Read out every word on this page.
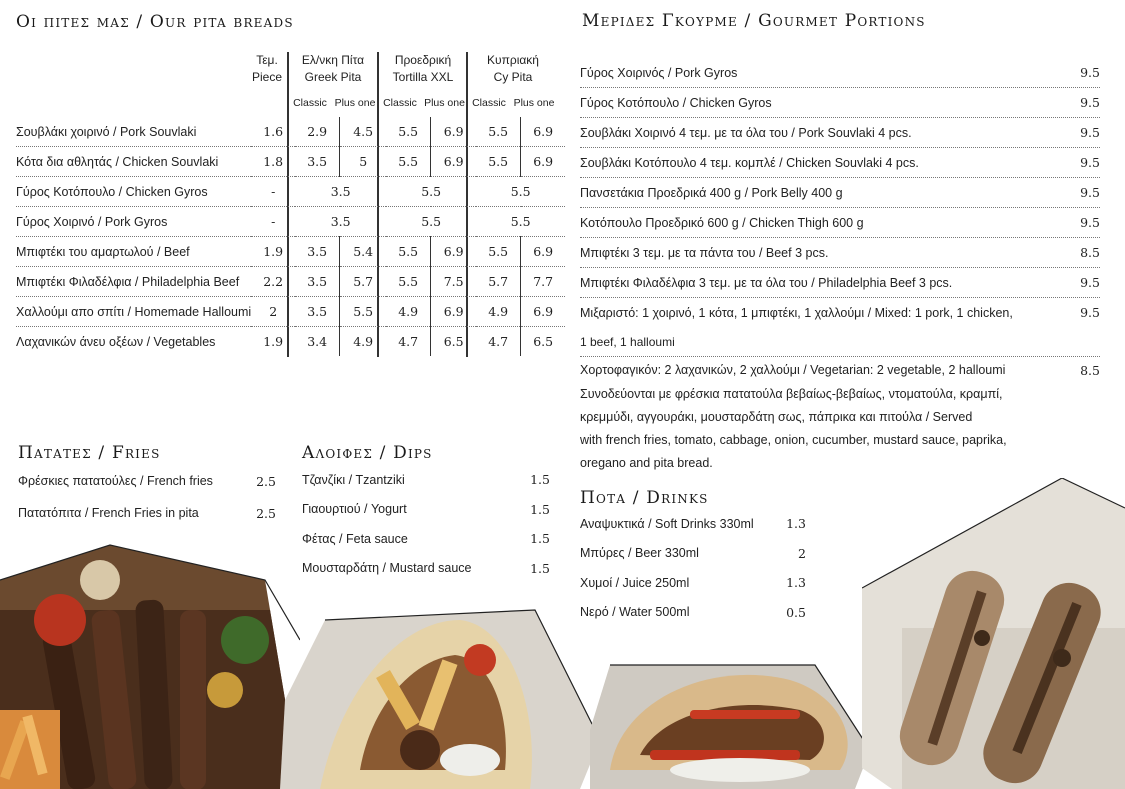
Οι πιτες μας / Our pita breads
Τεμ.
Piece
Ελ/νκη Πίτα
Greek Pita
Προεδρική
Tortilla XXL
Κυπριακή
Cy Pita
Classic Plus one Classic Plus one Classic Plus one
Σουβλάκι χοιρινό / Pork Souvlaki	1.6	2.9	4.5	5.5	6.9	5.5	6.9
Κότα δια αθλητάς / Chicken Souvlaki	1.8	3.5	5	5.5	6.9	5.5	6.9
Γύρος Κοτόπουλο / Chicken Gyros	-	3.5		5.5		5.5	
Γύρος Χοιρινό / Pork Gyros	-	3.5		5.5		5.5	
Μπιφτέκι του αμαρτωλού / Beef	1.9	3.5	5.4	5.5	6.9	5.5	6.9
Μπιφτέκι Φιλαδέλφια / Philadelphia Beef	2.2	3.5	5.7	5.5	7.5	5.7	7.7
Χαλλούμι απο σπίτι / Homemade Halloumi	2	3.5	5.5	4.9	6.9	4.9	6.9
Λαχανικών άνευ οξέων / Vegetables	1.9	3.4	4.9	4.7	6.5	4.7	6.5
Μεριδες Γκουρμε / Gourmet Portions
Γύρος Χοιρινός / Pork Gyros	9.5
Γύρος Κοτόπουλο / Chicken Gyros	9.5
Σουβλάκι Χοιρινό 4 τεμ. με τα όλα του / Pork Souvlaki 4 pcs.	9.5
Σουβλάκι Κοτόπουλο 4 τεμ. κομπλέ / Chicken Souvlaki 4 pcs.	9.5
Πανσετάκια Προεδρικά 400 g / Pork Belly 400 g	9.5
Κοτόπουλο Προεδρικό 600 g / Chicken Thigh 600 g	9.5
Μπιφτέκι 3 τεμ. με τα πάντα του / Beef 3 pcs.	8.5
Μπιφτέκι Φιλαδέλφια 3 τεμ. με τα όλα του / Philadelphia Beef 3 pcs.	9.5
Μιξαριστό: 1 χοιρινό, 1 κότα, 1 μπιφτέκι, 1 χαλλούμι / Mixed: 1 pork, 1 chicken,	9.5
1 beef, 1 halloumi
Χορτοφαγικόν: 2 λαχανικών, 2 χαλλούμι / Vegetarian: 2 vegetable, 2 halloumi	8.5
Συνοδεύονται με φρέσκια πατατούλα βεβαίως-βεβαίως, ντοματούλα, κραμπί,
κρεμμύδι, αγγουράκι, μουσταρδάτη σως, πάπρικα και πιτούλα / Served
with french fries, tomato, cabbage, onion, cucumber, mustard sauce, paprika,
oregano and pita bread.
Πατατες / Fries
Φρέσκιες πατατούλες / French fries	2.5
Πατατόπιτα / French Fries in pita	2.5
Αλοιφες / Dips
Τζανζίκι / Tzantziki	1.5
Γιαουρτιού / Yogurt	1.5
Φέτας / Feta sauce	1.5
Μουσταρδάτη / Mustard sauce	1.5
Ποτα / Drinks
Αναψυκτικά / Soft Drinks 330ml	1.3
Μπύρες / Beer 330ml	2
Χυμοί / Juice 250ml	1.3
Νερό / Water 500ml	0.5
